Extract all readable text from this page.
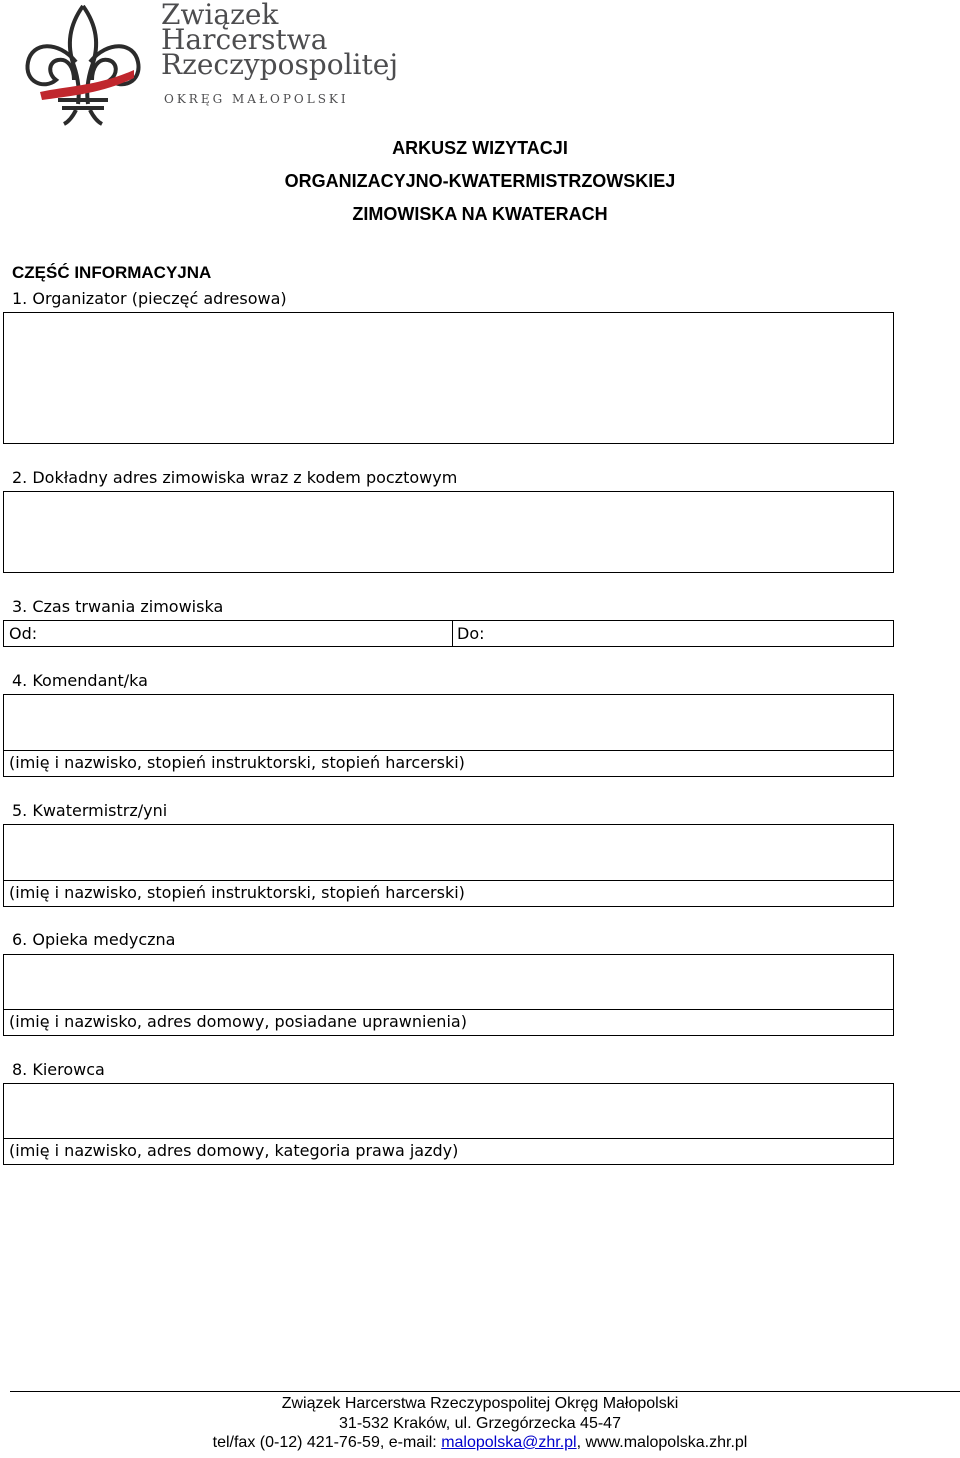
Związek
Harcerstwa
Rzeczypospolitej
OKRĘG MAŁOPOLSKI
ARKUSZ WIZYTACJI
ORGANIZACYJNO-KWATERMISTRZOWSKIEJ
ZIMOWISKA NA KWATERACH
CZĘŚĆ INFORMACYJNA
1. Organizator (pieczęć adresowa)
2. Dokładny adres zimowiska wraz z kodem pocztowym
3. Czas trwania zimowiska
Od:	Do:
4. Komendant/ka
(imię i nazwisko, stopień instruktorski, stopień harcerski)
5. Kwatermistrz/yni
(imię i nazwisko, stopień instruktorski, stopień harcerski)
6. Opieka medyczna
(imię i nazwisko, adres domowy, posiadane uprawnienia)
8. Kierowca
(imię i nazwisko, adres domowy, kategoria prawa jazdy)
Związek Harcerstwa Rzeczypospolitej Okręg Małopolski
31-532 Kraków, ul. Grzegórzecka 45-47
tel/fax (0-12) 421-76-59, e-mail: malopolska@zhr.pl, www.malopolska.zhr.pl
